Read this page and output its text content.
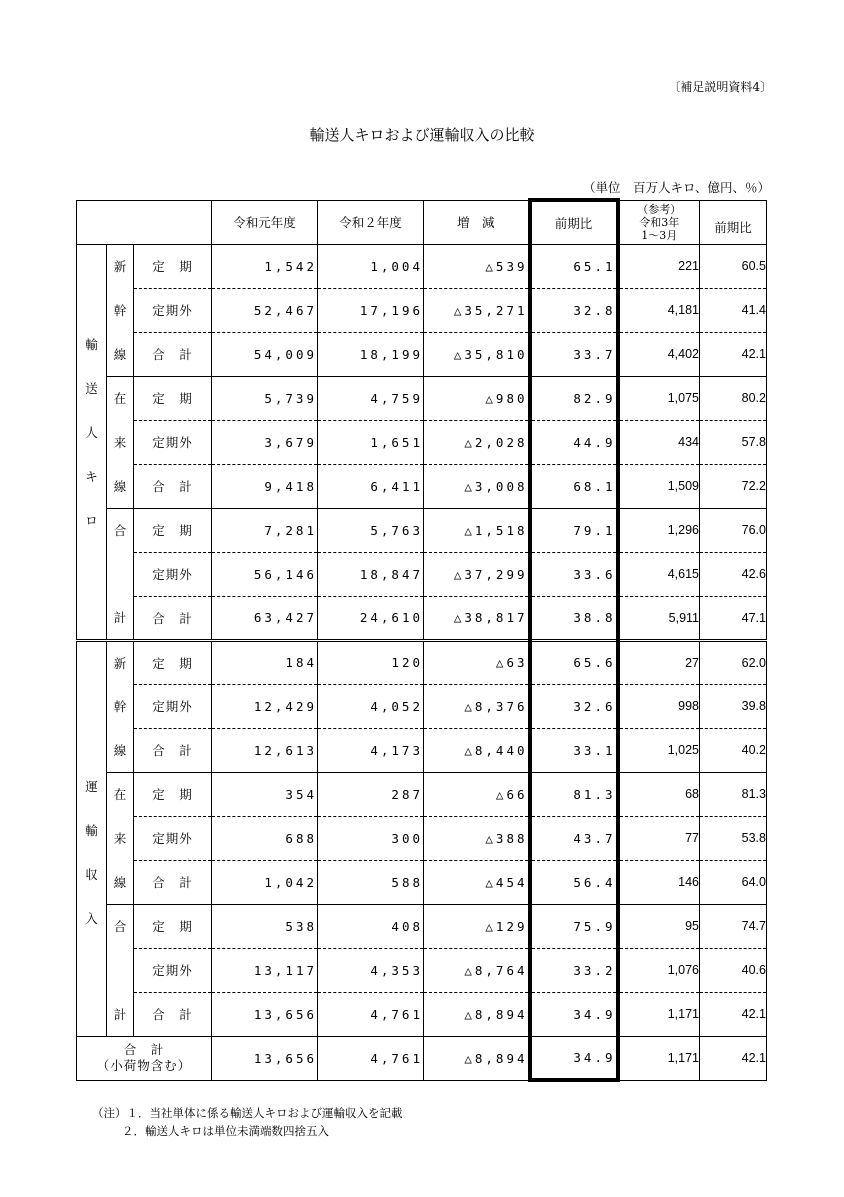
〔補足説明資料4〕
輸送人キロおよび運輸収入の比較
（単位　百万人キロ、億円、％）
			令和元年度	令和２年度	増　減	前期比	（参考）
令和3年
1～3月	前期比

輸
送
人
キ
ロ	新	定　期	1,542	1,004	△539	65.1	221	60.5
	幹	定期外	52,467	17,196	△35,271	32.8	4,181	41.4
	線	合　計	54,009	18,199	△35,810	33.7	4,402	42.1
	在	定　期	5,739	4,759	△980	82.9	1,075	80.2
	来	定期外	3,679	1,651	△2,028	44.9	434	57.8
	線	合　計	9,418	6,411	△3,008	68.1	1,509	72.2
	合	定　期	7,281	5,763	△1,518	79.1	1,296	76.0
		定期外	56,146	18,847	△37,299	33.6	4,615	42.6
	計	合　計	63,427	24,610	△38,817	38.8	5,911	47.1

運
輸
収
入	新	定　期	184	120	△63	65.6	27	62.0
	幹	定期外	12,429	4,052	△8,376	32.6	998	39.8
	線	合　計	12,613	4,173	△8,440	33.1	1,025	40.2
	在	定　期	354	287	△66	81.3	68	81.3
	来	定期外	688	300	△388	43.7	77	53.8
	線	合　計	1,042	588	△454	56.4	146	64.0
	合	定　期	538	408	△129	75.9	95	74.7
		定期外	13,117	4,353	△8,764	33.2	1,076	40.6
	計	合　計	13,656	4,761	△8,894	34.9	1,171	42.1

合　計
（小荷物含む）			13,656	4,761	△8,894	34.9	1,171	42.1
（注）１．当社単体に係る輸送人キロおよび運輸収入を記載
２．輸送人キロは単位未満端数四捨五入
